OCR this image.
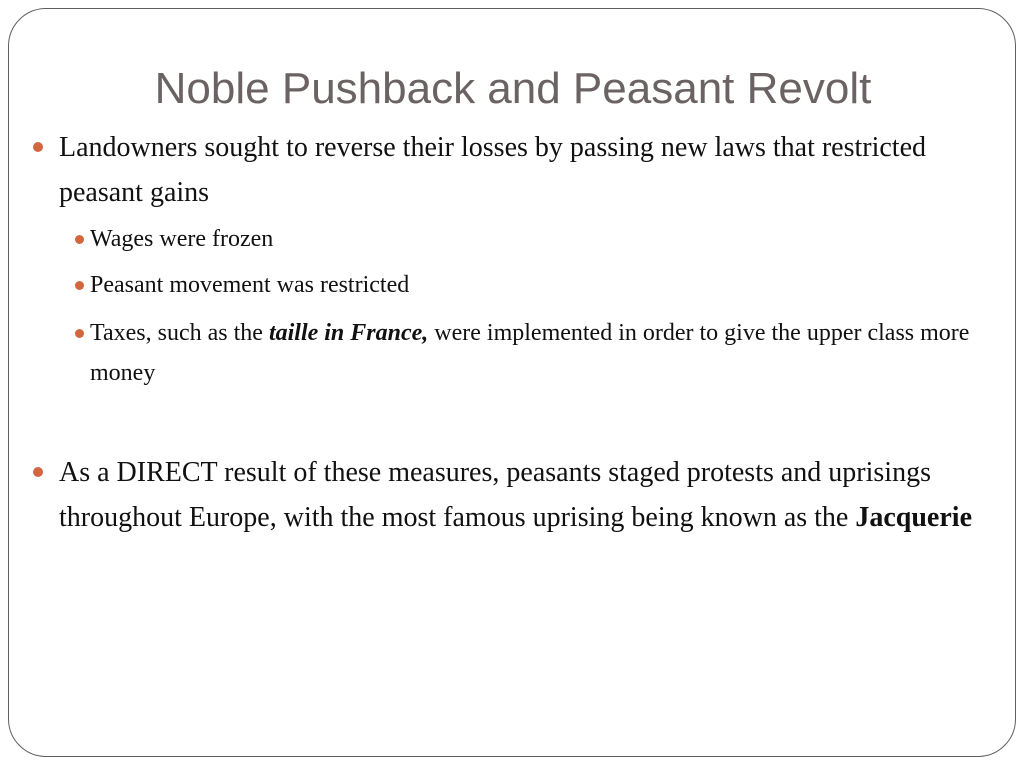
Noble Pushback and Peasant Revolt
Landowners sought to reverse their losses by passing new laws that restricted peasant gains
Wages were frozen
Peasant movement was restricted
Taxes, such as the taille in France, were implemented in order to give the upper class more money
As a DIRECT result of these measures, peasants staged protests and uprisings throughout Europe, with the most famous uprising being known as the Jacquerie
